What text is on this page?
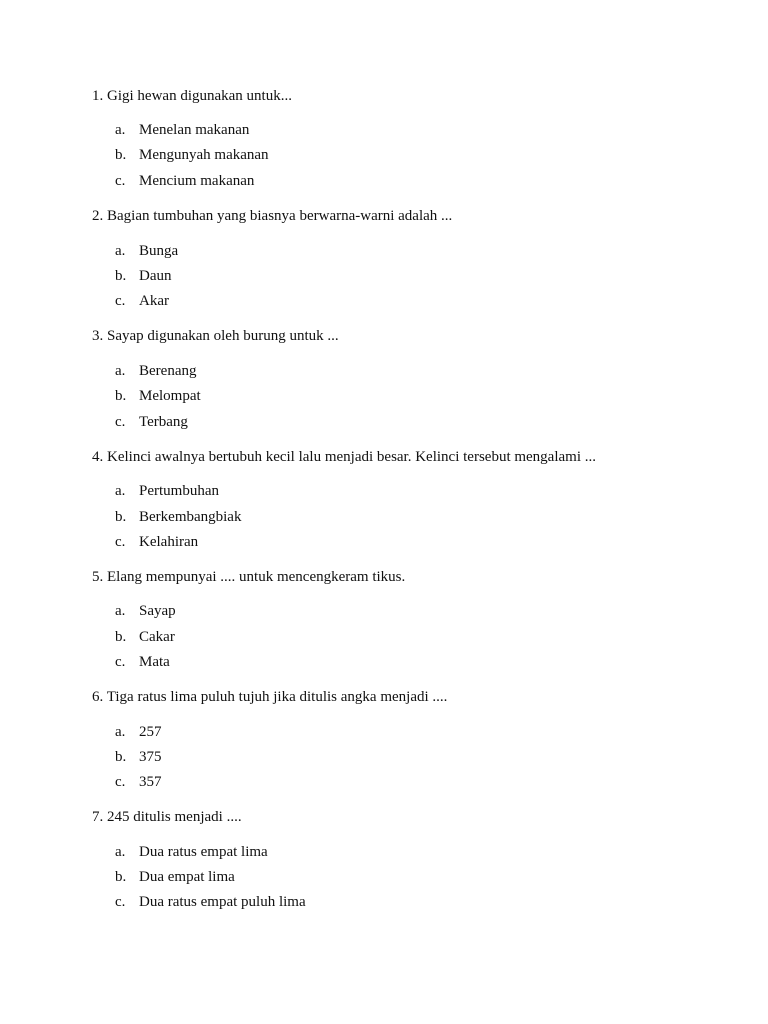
1. Gigi hewan digunakan untuk...
a. Menelan makanan
b. Mengunyah makanan
c. Mencium makanan
2. Bagian tumbuhan yang biasnya berwarna-warni adalah ...
a. Bunga
b. Daun
c. Akar
3. Sayap digunakan oleh burung untuk ...
a. Berenang
b. Melompat
c. Terbang
4. Kelinci awalnya bertubuh kecil lalu menjadi besar. Kelinci tersebut mengalami ...
a. Pertumbuhan
b. Berkembangbiak
c. Kelahiran
5. Elang mempunyai .... untuk mencengkeram tikus.
a. Sayap
b. Cakar
c. Mata
6. Tiga ratus lima puluh tujuh jika ditulis angka menjadi ....
a. 257
b. 375
c. 357
7. 245 ditulis menjadi ....
a. Dua ratus empat lima
b. Dua empat lima
c. Dua ratus empat puluh lima
